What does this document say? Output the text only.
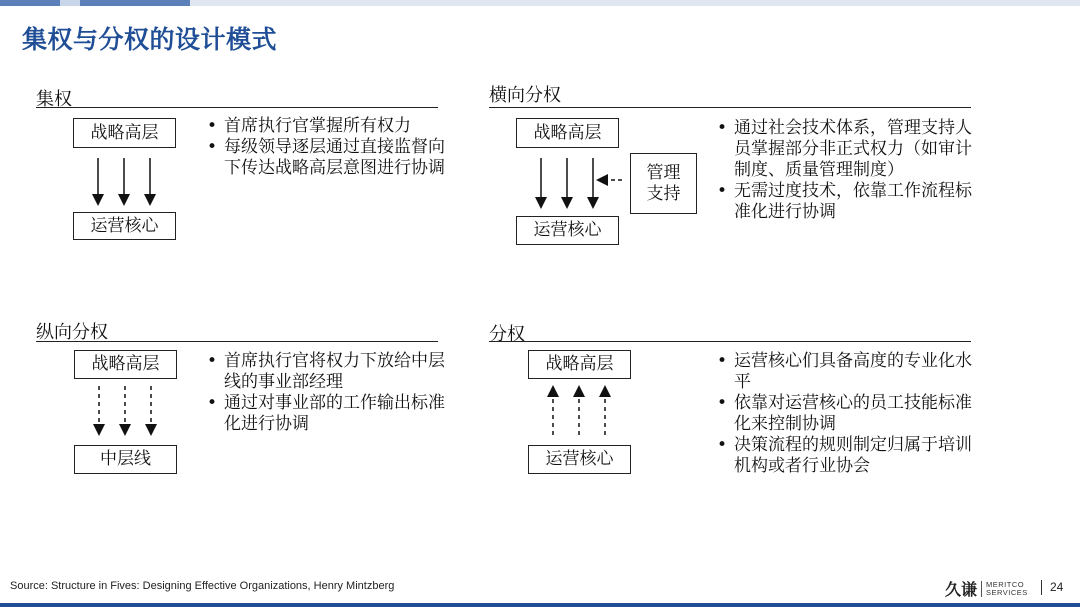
集权与分权的设计模式
集权
战略高层
运营核心
• 首席执行官掌握所有权力
• 每级领导逐层通过直接监督向下传达战略高层意图进行协调
横向分权
战略高层
运营核心
管理
支持
• 通过社会技术体系，管理支持人员掌握部分非正式权力（如审计制度、质量管理制度）
• 无需过度技术，依靠工作流程标准化进行协调
纵向分权
战略高层
中层线
• 首席执行官将权力下放给中层线的事业部经理
• 通过对事业部的工作输出标准化进行协调
分权
战略高层
运营核心
• 运营核心们具备高度的专业化水平
• 依靠对运营核心的员工技能标准化来控制协调
• 决策流程的规则制定归属于培训机构或者行业协会
Source: Structure in Fives: Designing Effective Organizations, Henry Mintzberg	久谦 MERITCO
SERVICES 24
